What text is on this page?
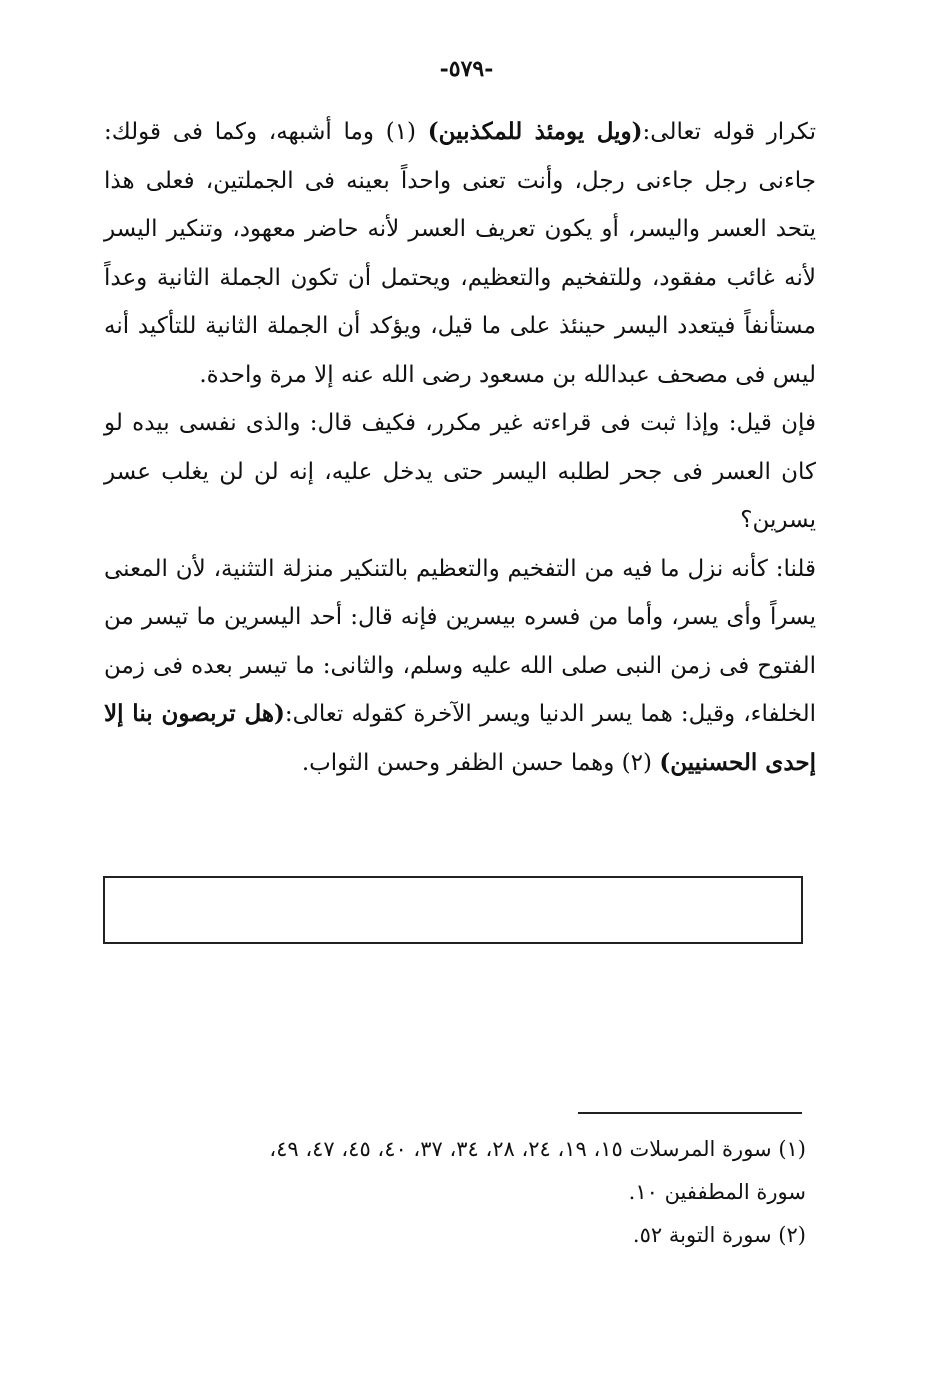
-٥٧٩-

تكرار قوله تعالى:(ويل يومئذ للمكذبين) (١) وما أشبهه، وكما فى قولك: جاءنى رجل جاءنى رجل، وأنت تعنى واحداً بعينه فى الجملتين، فعلى هذا يتحد العسر واليسر، أو يكون تعريف العسر لأنه حاضر معهود، وتنكير اليسر لأنه غائب مفقود، وللتفخيم والتعظيم، ويحتمل أن تكون الجملة الثانية وعداً مستأنفاً فيتعدد اليسر حينئذ على ما قيل، ويؤكد أن الجملة الثانية للتأكيد أنه ليس فى مصحف عبدالله بن مسعود رضى الله عنه إلا مرة واحدة.

فإن قيل: وإذا ثبت فى قراءته غير مكرر، فكيف قال: والذى نفسى بيده لو كان العسر فى جحر لطلبه اليسر حتى يدخل عليه، إنه لن لن يغلب عسر يسرين؟

قلنا: كأنه نزل ما فيه من التفخيم والتعظيم بالتنكير منزلة التثنية، لأن المعنى يسراً وأى يسر، وأما من فسره بيسرين فإنه قال: أحد اليسرين ما تيسر من الفتوح فى زمن النبى صلى الله عليه وسلم، والثانى: ما تيسر بعده فى زمن الخلفاء، وقيل: هما يسر الدنيا ويسر الآخرة كقوله تعالى:(هل تربصون بنا إلا إحدى الحسنيين) (٢) وهما حسن الظفر وحسن الثواب.

(١) سورة المرسلات ١٥، ١٩، ٢٤، ٢٨، ٣٤، ٣٧، ٤٠، ٤٥، ٤٧، ٤٩،

سورة المطففين ١٠.

(٢) سورة التوبة ٥٢.
